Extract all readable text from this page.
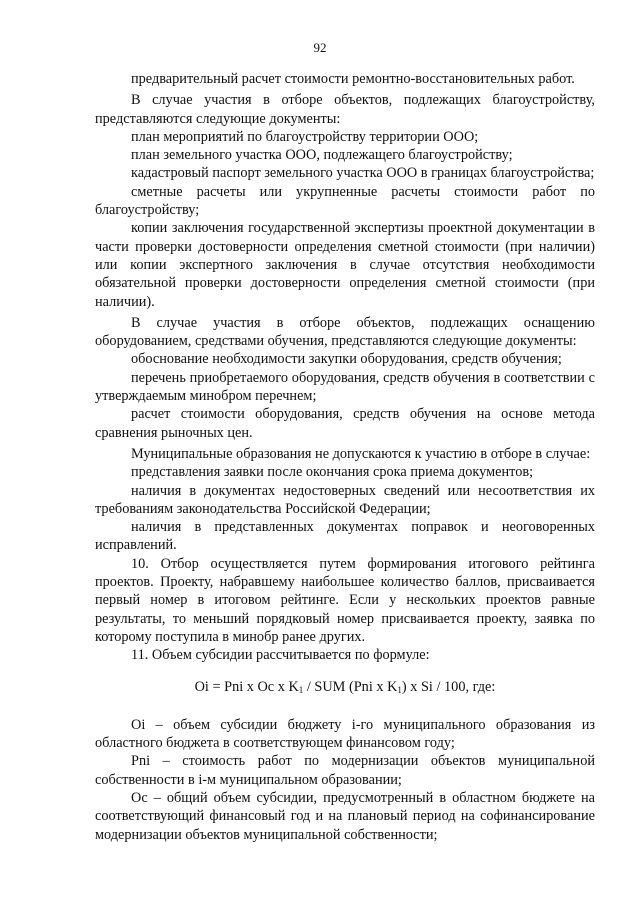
92

предварительный расчет стоимости ремонтно-восстановительных работ.

В случае участия в отборе объектов, подлежащих благоустройству, представляются следующие документы:

план мероприятий по благоустройству территории ООО;

план земельного участка ООО, подлежащего благоустройству;

кадастровый паспорт земельного участка ООО в границах благоустройства;

сметные расчеты или укрупненные расчеты стоимости работ по благоустройству;

копии заключения государственной экспертизы проектной документации в части проверки достоверности определения сметной стоимости (при наличии) или копии экспертного заключения в случае отсутствия необходимости обязательной проверки достоверности определения сметной стоимости (при наличии).

В случае участия в отборе объектов, подлежащих оснащению оборудованием, средствами обучения, представляются следующие документы:

обоснование необходимости закупки оборудования, средств обучения;

перечень приобретаемого оборудования, средств обучения в соответствии с утверждаемым минобром перечнем;

расчет стоимости оборудования, средств обучения на основе метода сравнения рыночных цен.

Муниципальные образования не допускаются к участию в отборе в случае:

представления заявки после окончания срока приема документов;

наличия в документах недостоверных сведений или несоответствия их требованиям законодательства Российской Федерации;

наличия в представленных документах поправок и неоговоренных исправлений.

10. Отбор осуществляется путем формирования итогового рейтинга проектов. Проекту, набравшему наибольшее количество баллов, присваивается первый номер в итоговом рейтинге. Если у нескольких проектов равные результаты, то меньший порядковый номер присваивается проекту, заявка по которому поступила в минобр ранее других.

11. Объем субсидии рассчитывается по формуле:

Oi = Pni x Oc x $K_1$ / SUM (Pni x $K_1$) x Si / 100, где:

Oi – объем субсидии бюджету i-го муниципального образования из областного бюджета в соответствующем финансовом году;

Pni – стоимость работ по модернизации объектов муниципальной собственности в i-м муниципальном образовании;

Oc – общий объем субсидии, предусмотренный в областном бюджете на соответствующий финансовый год и на плановый период на софинансирование модернизации объектов муниципальной собственности;
